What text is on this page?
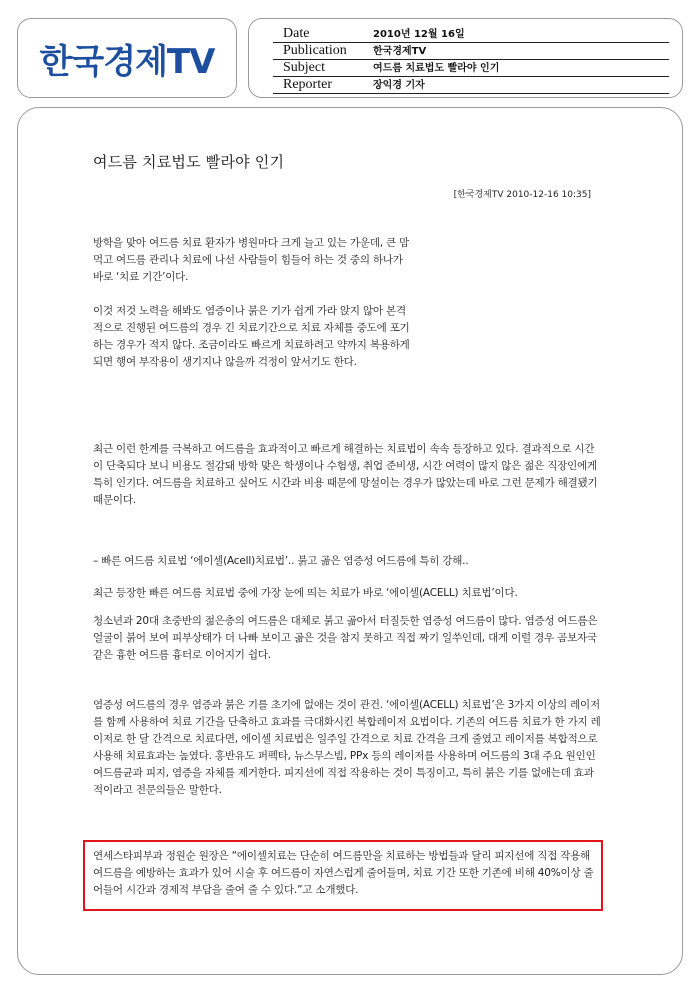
한국경제TV
Date	2010년 12월 16일
Publication	한국경제TV
Subject	여드름 치료법도 빨라야 인기
Reporter	장익경 기자
여드름 치료법도 빨라야 인기
[한국경제TV 2010-12-16 10:35]

방학을 맞아 여드름 치료 환자가 병원마다 크게 늘고 있는 가운데, 큰 맘먹고 여드름 관리나 치료에 나선 사람들이 힘들어 하는 것 중의 하나가 바로 ‘치료 기간’이다.

이것 저것 노력을 해봐도 염증이나 붉은 기가 쉽게 가라 앉지 않아 본격적으로 진행된 여드름의 경우 긴 치료기간으로 치료 자체를 중도에 포기하는 경우가 적지 않다. 조금이라도 빠르게 치료하려고 약까지 복용하게 되면 행여 부작용이 생기지나 않을까 걱정이 앞서기도 한다.

최근 이런 한계를 극복하고 여드름을 효과적이고 빠르게 해결하는 치료법이 속속 등장하고 있다. 결과적으로 시간이 단축되다 보니 비용도 절감돼 방학 맞은 학생이나 수험생, 취업 준비생, 시간 여력이 많지 않은 젊은 직장인에게 특히 인기다. 여드름을 치료하고 싶어도 시간과 비용 때문에 망설이는 경우가 많았는데 바로 그런 문제가 해결됐기 때문이다.

– 빠른 여드름 치료법 ‘에이셀(Acell)치료법’.. 붉고 곪은 염증성 여드름에 특히 강해..

최근 등장한 빠른 여드름 치료법 중에 가장 눈에 띄는 치료가 바로 ‘에이셀(ACELL) 치료법’이다.

청소년과 20대 초중반의 젊은층의 여드름은 대체로 붉고 곪아서 터질듯한 염증성 여드름이 많다. 염증성 여드름은 얼굴이 붉어 보여 피부상태가 더 나빠 보이고 곪은 것을 참지 못하고 직접 짜기 일쑤인데, 대게 이럴 경우 곰보자국 같은 흉한 여드름 흉터로 이어지기 쉽다.

염증성 여드름의 경우 염증과 붉은 기를 초기에 없애는 것이 관건. ‘에이셀(ACELL) 치료법’은 3가지 이상의 레이저를 함께 사용하여 치료 기간을 단축하고 효과를 극대화시킨 복합레이저 요법이다. 기존의 여드름 치료가 한 가지 레이저로 한 달 간격으로 치료다면, 에이셀 치료법은 일주일 간격으로 치료 간격을 크게 줄였고 레이저를 복합적으로 사용해 치료효과는 높였다. 홍반유도 퍼펙타, 뉴스무스빔, PPx 등의 레이저를 사용하며 여드름의 3대 주요 원인인 여드름균과 피지, 염증을 자체를 제거한다. 피지선에 직접 작용하는 것이 특징이고, 특히 붉은 기를 없애는데 효과적이라고 전문의들은 말한다.

연세스타피부과 정원순 원장은 “에이셀치료는 단순히 여드름만을 치료하는 방법들과 달리 피지선에 직접 작용해 여드름을 예방하는 효과가 있어 시술 후 여드름이 자연스럽게 줄어들며, 치료 기간 또한 기존에 비해 40%이상 줄어들어 시간과 경제적 부담을 줄여 줄 수 있다.”고 소개했다.
